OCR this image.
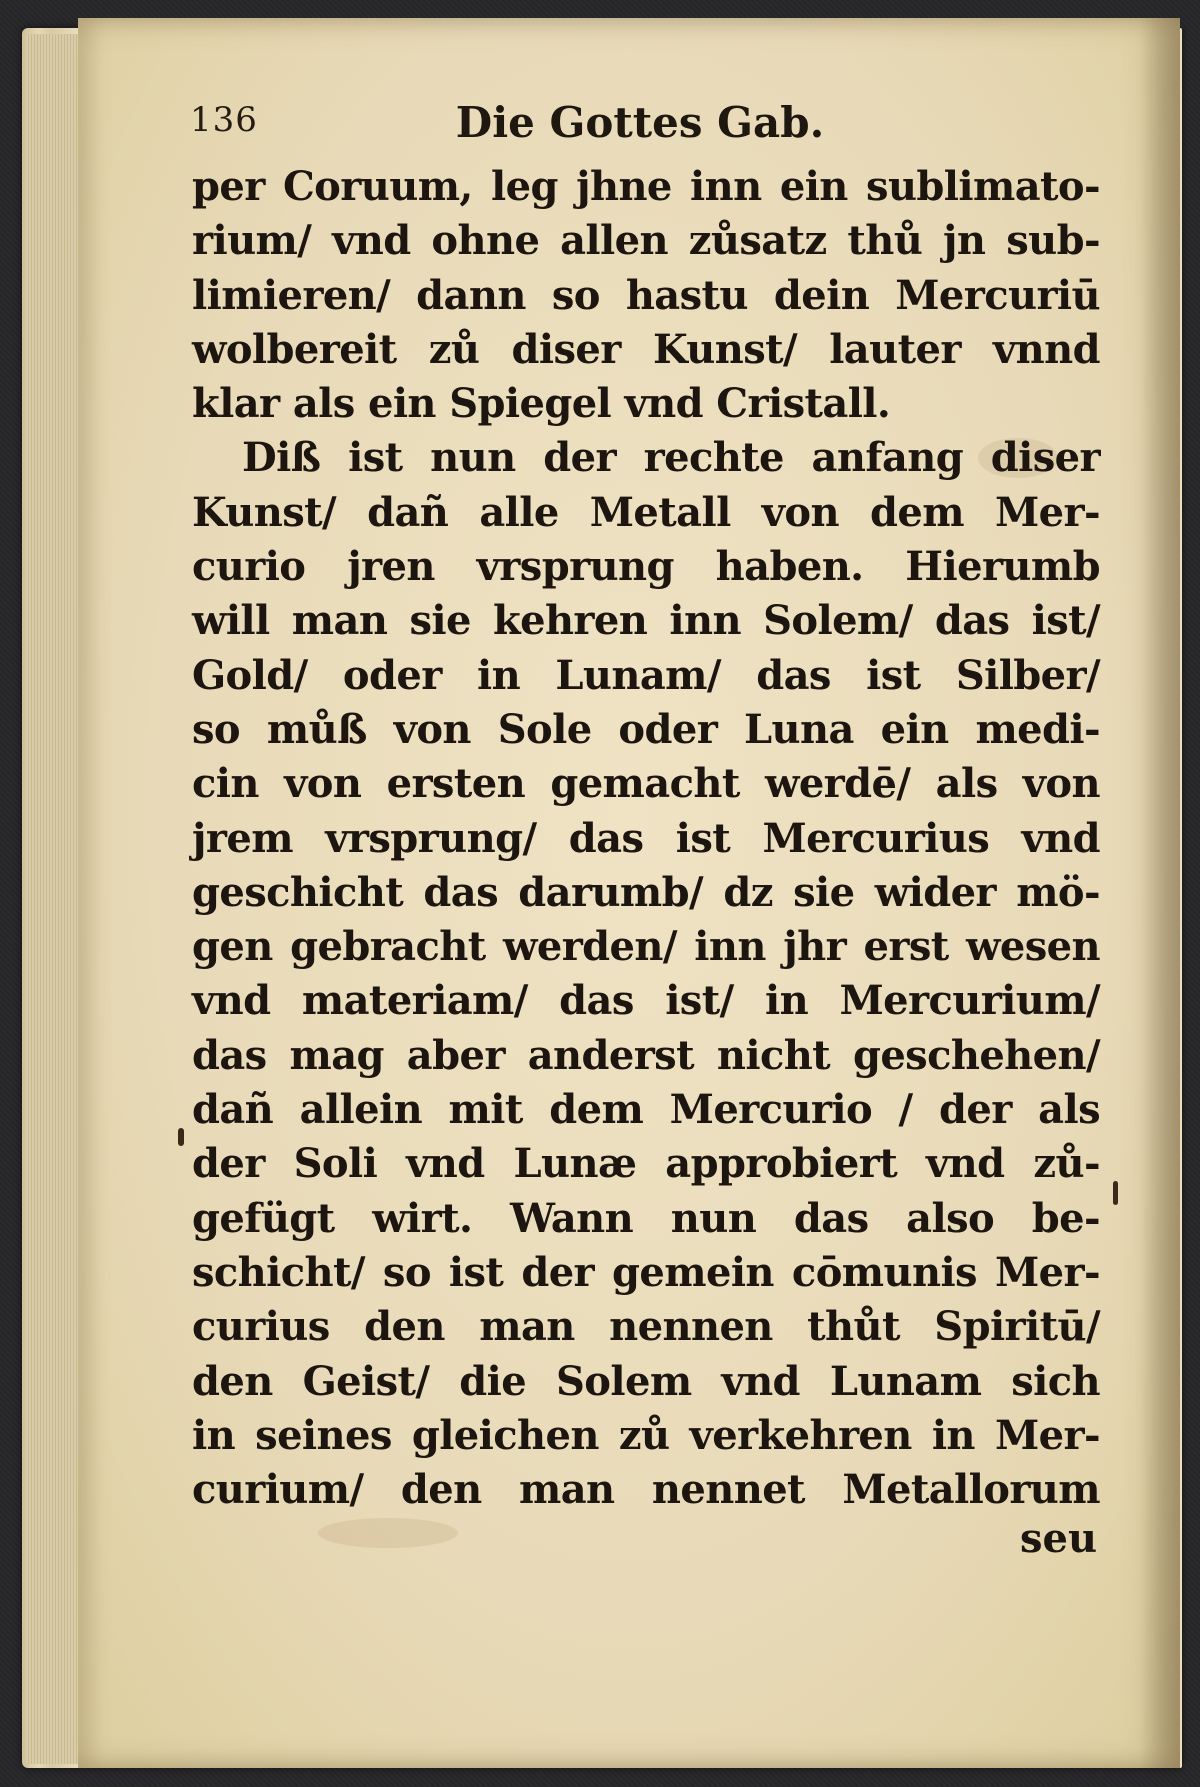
136	Die Gottes Gab.
per Coruum, leg jhne inn ein sublimato-
rium/ vnd ohne allen zůsatz thů jn sub-
limieren/ dann so hastu dein Mercuriū
wolbereit zů diser Kunst/ lauter vnnd
klar als ein Spiegel vnd Cristall.
Diß ist nun der rechte anfang diser
Kunst/ dañ alle Metall von dem Mer-
curio jren vrsprung haben. Hierumb
will man sie kehren inn Solem/ das ist/
Gold/ oder in Lunam/ das ist Silber/
so můß von Sole oder Luna ein medi-
cin von ersten gemacht werdē/ als von
jrem vrsprung/ das ist Mercurius vnd
geschicht das darumb/ dz sie wider mö-
gen gebracht werden/ inn jhr erst wesen
vnd materiam/ das ist/ in Mercurium/
das mag aber anderst nicht geschehen/
dañ allein mit dem Mercurio / der als
der Soli vnd Lunæ approbiert vnd zů-
gefügt wirt. Wann nun das also be-
schicht/ so ist der gemein cōmunis Mer-
curius den man nennen thůt Spiritū/
den Geist/ die Solem vnd Lunam sich
in seines gleichen zů verkehren in Mer-
curium/ den man nennet Metallorum
seu
